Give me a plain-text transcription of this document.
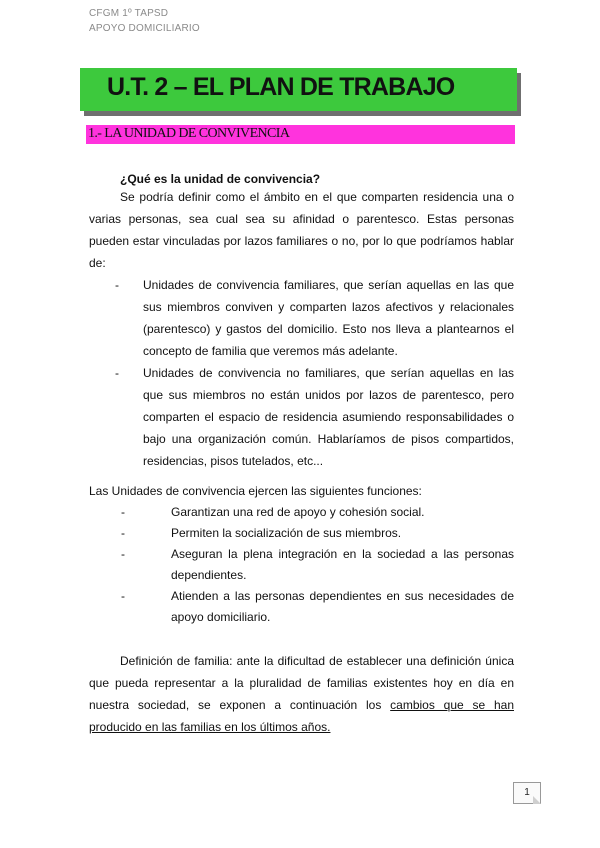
CFGM 1º TAPSD
APOYO DOMICILIARIO
U.T. 2 – EL PLAN DE TRABAJO
1.- LA UNIDAD DE CONVIVENCIA
¿Qué es la unidad de convivencia?

Se podría definir como el ámbito en el que comparten residencia una o varias personas, sea cual sea su afinidad o parentesco. Estas personas pueden estar vinculadas por lazos familiares o no, por lo que podríamos hablar de:

- Unidades de convivencia familiares, que serían aquellas en las que sus miembros conviven y comparten lazos afectivos y relacionales (parentesco) y gastos del domicilio. Esto nos lleva a plantearnos el concepto de familia que veremos más adelante.
- Unidades de convivencia no familiares, que serían aquellas en las que sus miembros no están unidos por lazos de parentesco, pero comparten el espacio de residencia asumiendo responsabilidades o bajo una organización común. Hablaríamos de pisos compartidos, residencias, pisos tutelados, etc...

Las Unidades de convivencia ejercen las siguientes funciones:

-	Garantizan una red de apoyo y cohesión social.
-	Permiten la socialización de sus miembros.
-	Aseguran la plena integración en la sociedad a las personas dependientes.
-	Atienden a las personas dependientes en sus necesidades de apoyo domiciliario.

Definición de familia: ante la dificultad de establecer una definición única que pueda representar a la pluralidad de familias existentes hoy en día en nuestra sociedad, se exponen a continuación los cambios que se han producido en las familias en los últimos años.

1
